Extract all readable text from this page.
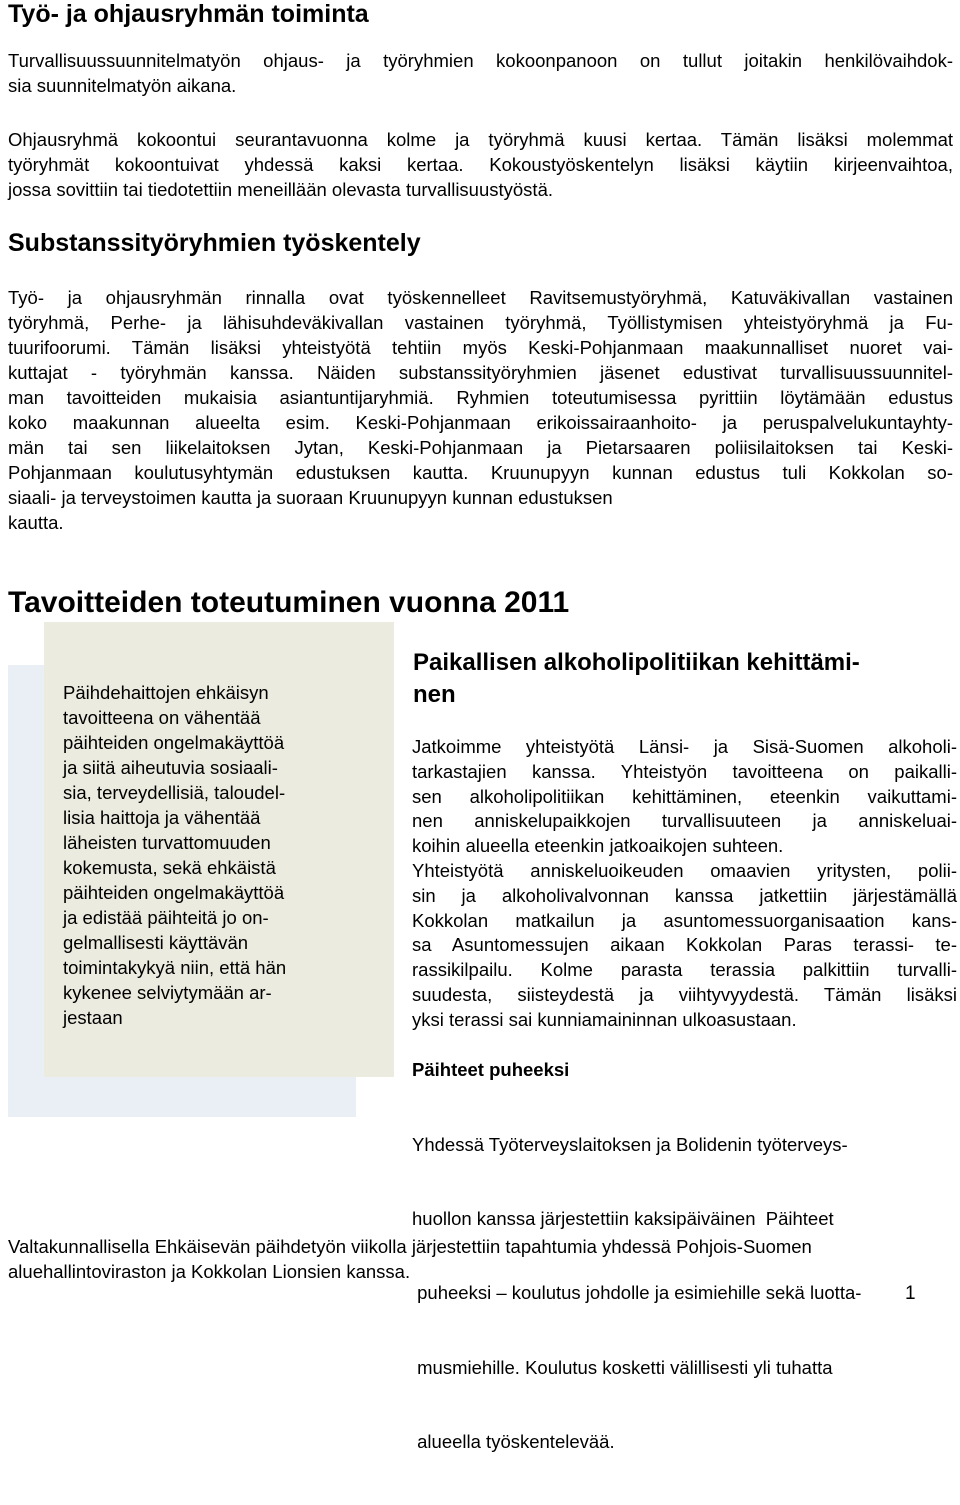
Työ- ja ohjausryhmän toiminta
Turvallisuussuunnitelmatyön ohjaus- ja työryhmien kokoonpanoon on tullut joitakin henkilövaihdok-
sia suunnitelmatyön aikana.
Ohjausryhmä kokoontui seurantavuonna kolme ja työryhmä kuusi kertaa. Tämän lisäksi molemmat
työryhmät kokoontuivat yhdessä kaksi kertaa. Kokoustyöskentelyn lisäksi käytiin kirjeenvaihtoa,
jossa sovittiin tai tiedotettiin meneillään olevasta turvallisuustyöstä.
Substanssityöryhmien työskentely
Työ- ja ohjausryhmän rinnalla ovat työskennelleet Ravitsemustyöryhmä, Katuväkivallan vastainen
työryhmä, Perhe- ja lähisuhdeväkivallan vastainen työryhmä, Työllistymisen yhteistyöryhmä ja Fu-
tuurifoorumi. Tämän lisäksi yhteistyötä tehtiin myös Keski-Pohjanmaan maakunnalliset nuoret vai-
kuttajat - työryhmän kanssa. Näiden substanssityöryhmien jäsenet edustivat turvallisuussuunnitel-
man tavoitteiden mukaisia asiantuntijaryhmiä. Ryhmien toteutumisessa pyrittiin löytämään edustus
koko maakunnan alueelta esim. Keski-Pohjanmaan erikoissairaanhoito- ja peruspalvelukuntayhty-
män tai sen liikelaitoksen Jytan, Keski-Pohjanmaan ja Pietarsaaren poliisilaitoksen tai Keski-
Pohjanmaan koulutusyhtymän edustuksen kautta. Kruunupyyn kunnan edustus tuli Kokkolan so-
siaali- ja terveystoimen kautta ja suoraan Kruunupyyn kunnan edustuksen
kautta.
Tavoitteiden toteutuminen vuonna 2011
Päihdehaittojen ehkäisyn
tavoitteena on vähentää
päihteiden ongelmakäyttöä
ja siitä aiheutuvia sosiaali-
sia, terveydellisiä, taloudel-
lisia haittoja ja vähentää
läheisten turvattomuuden
kokemusta, sekä ehkäistä
päihteiden ongelmakäyttöä
ja edistää päihteitä jo on-
gelmallisesti käyttävän
toimintakykyä niin, että hän
kykenee selviytymään ar-
jestaan
Paikallisen alkoholipolitiikan kehittämi-
nen
Jatkoimme yhteistyötä Länsi- ja Sisä-Suomen alkoholi-
tarkastajien kanssa. Yhteistyön tavoitteena on paikalli-
sen alkoholipolitiikan kehittäminen, eteenkin vaikuttami-
nen anniskelupaikkojen turvallisuuteen ja anniskeluai-
koihin alueella eteenkin jatkoaikojen suhteen.
Yhteistyötä anniskeluoikeuden omaavien yritysten, polii-
sin ja alkoholivalvonnan kanssa jatkettiin järjestämällä
Kokkolan matkailun ja asuntomessuorganisaation kans-
sa Asuntomessujen aikaan Kokkolan Paras terassi- te-
rassikilpailu. Kolme parasta terassia palkittiin turvalli-
suudesta, siisteydestä ja viihtyvyydestä. Tämän lisäksi
yksi terassi sai kunniamaininnan ulkoasustaan.
Päihteet puheeksi

Yhdessä Työterveyslaitoksen ja Bolidenin työterveys-

huollon kanssa järjestettiin kaksipäiväinen  Päihteet

puheeksi – koulutus johdolle ja esimiehille sekä luotta-

musmiehille. Koulutus kosketti välillisesti yli tuhatta

alueella työskentelevää.

Valtakunnallisella Ehkäisevän päihdetyön viikolla järjestettiin tapahtumia yhdessä Pohjois-Suomen
aluehallintoviraston ja Kokkolan Lionsien kanssa.
1
